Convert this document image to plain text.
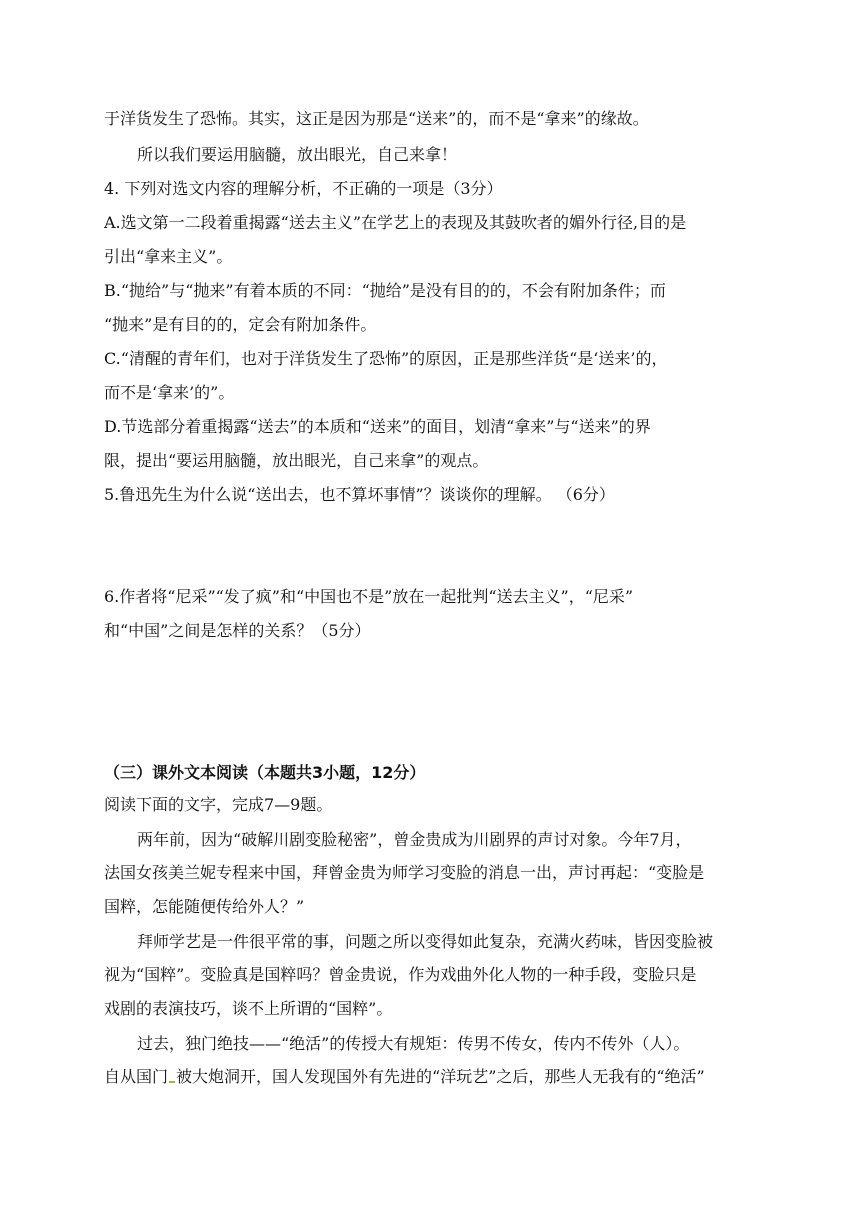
于洋货发生了恐怖。其实，这正是因为那是“送来”的，而不是“拿来”的缘故。
所以我们要运用脑髓，放出眼光，自己来拿！
4. 下列对选文内容的理解分析，不正确的一项是（3分）
A.选文第一二段着重揭露“送去主义”在学艺上的表现及其鼓吹者的媚外行径,目的是
引出“拿来主义”。
B.“抛给”与“抛来”有着本质的不同：“抛给”是没有目的的，不会有附加条件；而
“抛来”是有目的的，定会有附加条件。
C.“清醒的青年们，也对于洋货发生了恐怖”的原因，正是那些洋货“是‘送来’的，
而不是‘拿来’的”。
D.节选部分着重揭露“送去”的本质和“送来”的面目，划清“拿来”与“送来”的界
限，提出“要运用脑髓，放出眼光，自己来拿”的观点。
5.鲁迅先生为什么说“送出去，也不算坏事情”？谈谈你的理解。 （6分）
6.作者将“尼采”“发了疯”和“中国也不是”放在一起批判“送去主义”，“尼采”
和“中国”之间是怎样的关系？（5分）
（三）课外文本阅读（本题共3小题，12分）
阅读下面的文字，完成7—9题。
两年前，因为“破解川剧变脸秘密”，曾金贵成为川剧界的声讨对象。今年7月，
法国女孩美兰妮专程来中国，拜曾金贵为师学习变脸的消息一出，声讨再起：“变脸是
国粹，怎能随便传给外人？”
拜师学艺是一件很平常的事，问题之所以变得如此复杂，充满火药味，皆因变脸被
视为“国粹”。变脸真是国粹吗？曾金贵说，作为戏曲外化人物的一种手段，变脸只是
戏剧的表演技巧，谈不上所谓的“国粹”。
过去，独门绝技——“绝活”的传授大有规矩：传男不传女，传内不传外（人）。
自从国门 被大炮洞开，国人发现国外有先进的“洋玩艺”之后，那些人无我有的“绝活”
